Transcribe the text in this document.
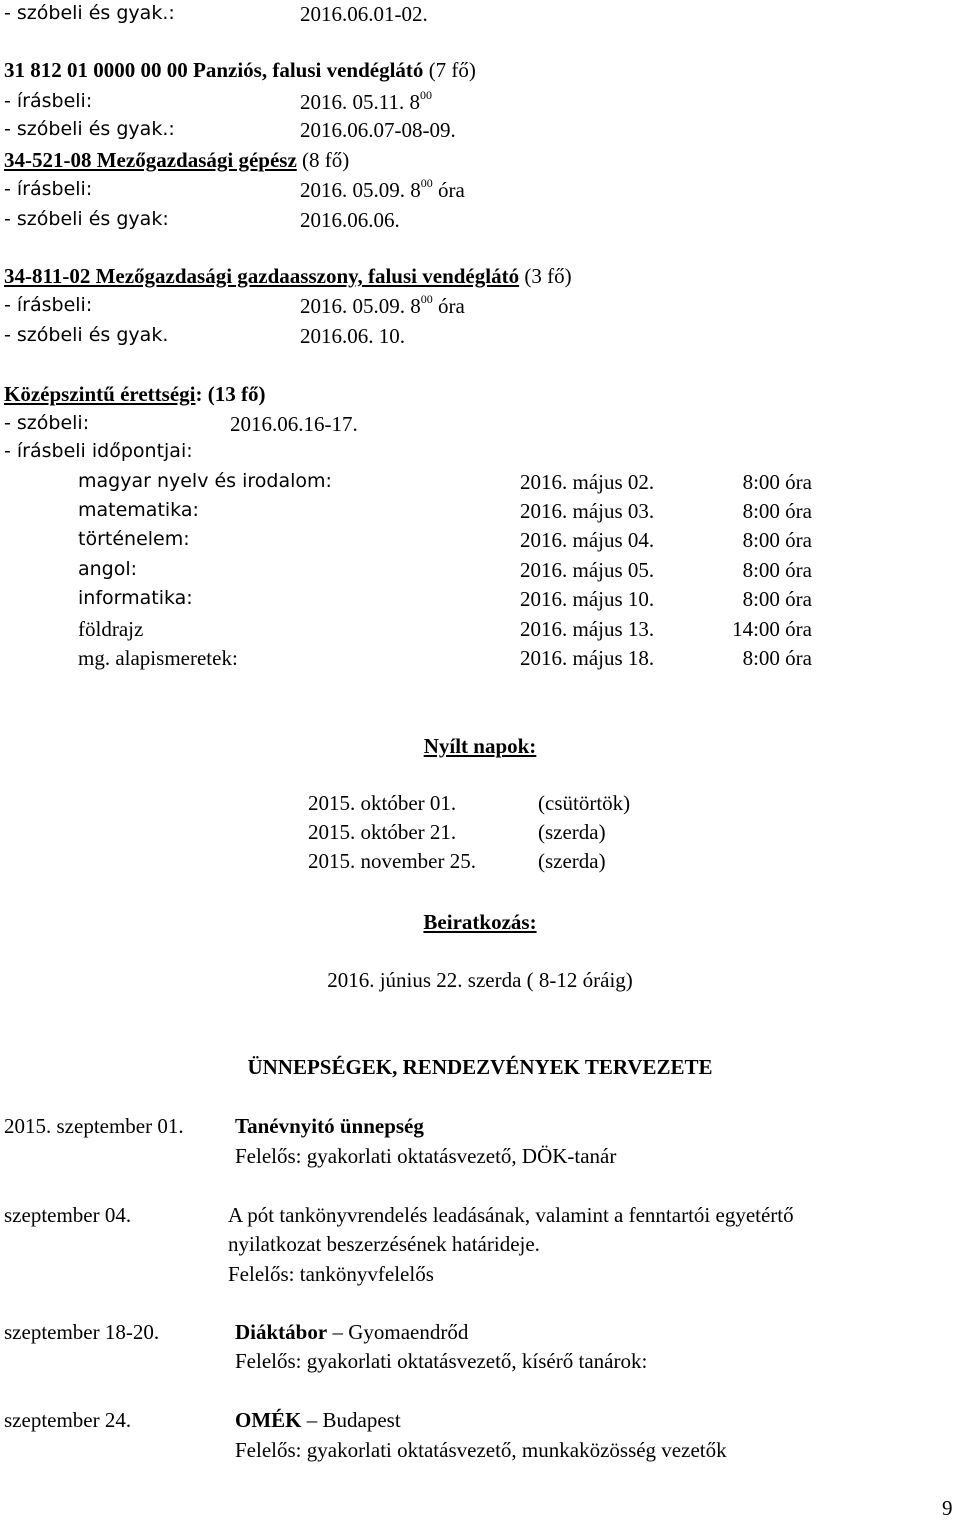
- szóbeli és gyak.:	2016.06.01-02.
31 812 01 0000 00 00 Panziós, falusi vendéglátó (7 fő)
- írásbeli:	2016. 05.11. $8^{00}$
- szóbeli és gyak.:	2016.06.07-08-09.
34-521-08 Mezőgazdasági gépész (8 fő)
- írásbeli:	2016. 05.09. $8^{00}$ óra
- szóbeli és gyak:	2016.06.06.
34-811-02 Mezőgazdasági gazdaasszony, falusi vendéglátó (3 fő)
- írásbeli:	2016. 05.09. $8^{00}$ óra
- szóbeli és gyak.	2016.06. 10.
Középszintű érettségi: (13 fő)
- szóbeli:	2016.06.16-17.
- írásbeli időpontjai:
magyar nyelv és irodalom:	2016. május 02.	8:00 óra
matematika:	2016. május 03.	8:00 óra
történelem:	2016. május 04.	8:00 óra
angol:	2016. május 05.	8:00 óra
informatika:	2016. május 10.	8:00 óra
földrajz	2016. május 13.	14:00 óra
mg. alapismeretek:	2016. május 18.	8:00 óra
Nyílt napok:
2015. október 01.	(csütörtök)
2015. október 21.	(szerda)
2015. november 25.	(szerda)
Beiratkozás:
2016. június 22. szerda ( 8-12 óráig)
ÜNNEPSÉGEK, RENDEZVÉNYEK TERVEZETE
2015. szeptember 01. Tanévnyitó ünnepség
Felelős: gyakorlati oktatásvezető, DÖK-tanár
szeptember 04.	A pót tankönyvrendelés leadásának, valamint a fenntartói egyetértő
nyilatkozat beszerzésének határideje.
Felelős: tankönyvfelelős
szeptember 18-20.	Diáktábor – Gyomaendrőd
Felelős: gyakorlati oktatásvezető, kísérő tanárok:
szeptember 24.	OMÉK – Budapest
Felelős: gyakorlati oktatásvezető, munkaközösség vezetők
9
